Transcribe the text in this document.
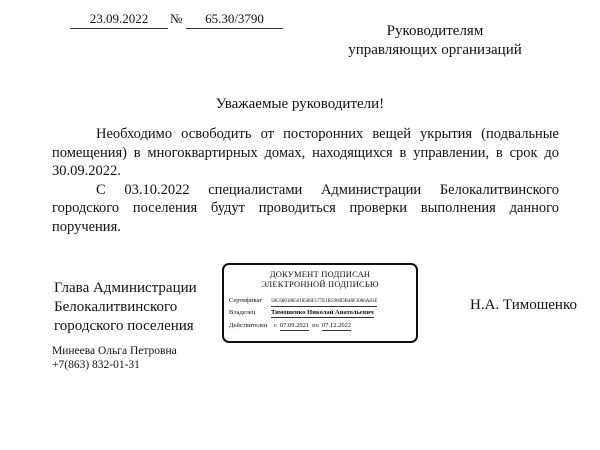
23.09.2022	№	65.30/3790
Руководителям
управляющих организаций
Уважаемые руководители!

Необходимо освободить от посторонних вещей укрытия (подвальные помещения) в многоквартирных домах, находящихся в управлении, в срок до 30.09.2022.

С 03.10.2022 специалистами Администрации Белокалитвинского городского поселения будут проводиться проверки выполнения данного поручения.

Глава Администрации
Белокалитвинского
городского поселения
ДОКУМЕНТ ПОДПИСАН
ЭЛЕКТРОННОЙ ПОДПИСЬЮ
Сертификат 58C6801885018586F177E1B5960DB48F3006A83E
Владелец Тимошенко Николай Анатольевич
Действителен с 07.09.2021 по 07.12.2022
Н.А. Тимошенко
Минеева Ольга Петровна
+7(863) 832-01-31
